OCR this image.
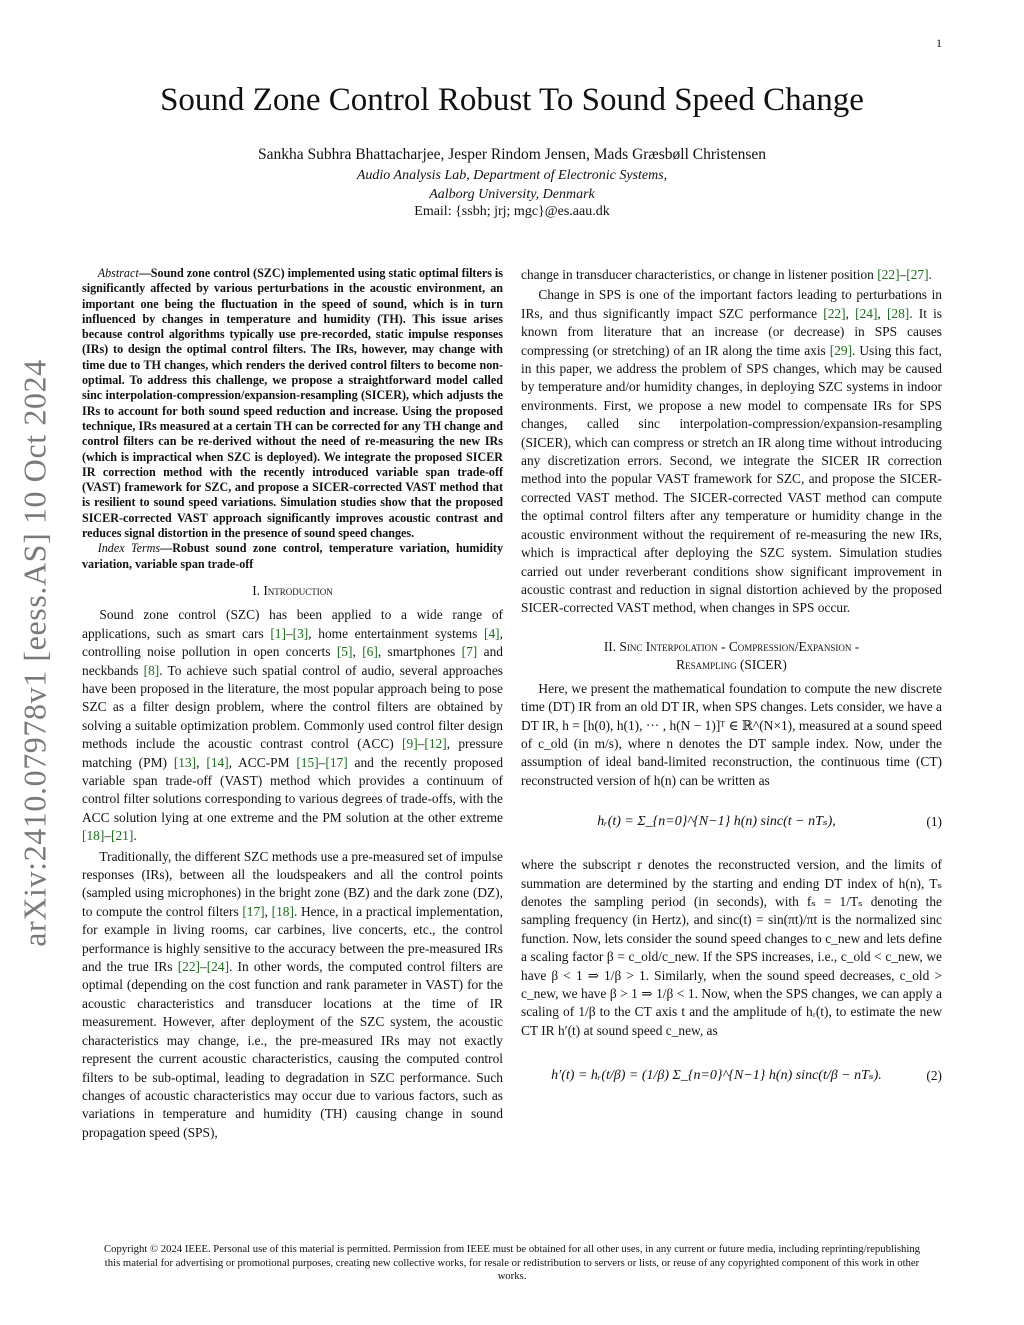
1
arXiv:2410.07978v1 [eess.AS] 10 Oct 2024
Sound Zone Control Robust To Sound Speed Change
Sankha Subhra Bhattacharjee, Jesper Rindom Jensen, Mads Græsbøll Christensen
Audio Analysis Lab, Department of Electronic Systems,
Aalborg University, Denmark
Email: {ssbh; jrj; mgc}@es.aau.dk

Abstract—Sound zone control (SZC) implemented using static optimal filters is significantly affected by various perturbations in the acoustic environment, an important one being the fluctuation in the speed of sound, which is in turn influenced by changes in temperature and humidity (TH). This issue arises because control algorithms typically use pre-recorded, static impulse responses (IRs) to design the optimal control filters. The IRs, however, may change with time due to TH changes, which renders the derived control filters to become non-optimal. To address this challenge, we propose a straightforward model called sinc interpolation-compression/expansion-resampling (SICER), which adjusts the IRs to account for both sound speed reduction and increase. Using the proposed technique, IRs measured at a certain TH can be corrected for any TH change and control filters can be re-derived without the need of re-measuring the new IRs (which is impractical when SZC is deployed). We integrate the proposed SICER IR correction method with the recently introduced variable span trade-off (VAST) framework for SZC, and propose a SICER-corrected VAST method that is resilient to sound speed variations. Simulation studies show that the proposed SICER-corrected VAST approach significantly improves acoustic contrast and reduces signal distortion in the presence of sound speed changes.

Index Terms—Robust sound zone control, temperature variation, humidity variation, variable span trade-off

I. Introduction

Sound zone control (SZC) has been applied to a wide range of applications, such as smart cars [1]–[3], home entertainment systems [4], controlling noise pollution in open concerts [5], [6], smartphones [7] and neckbands [8]. To achieve such spatial control of audio, several approaches have been proposed in the literature, the most popular approach being to pose SZC as a filter design problem, where the control filters are obtained by solving a suitable optimization problem. Commonly used control filter design methods include the acoustic contrast control (ACC) [9]–[12], pressure matching (PM) [13], [14], ACC-PM [15]–[17] and the recently proposed variable span trade-off (VAST) method which provides a continuum of control filter solutions corresponding to various degrees of trade-offs, with the ACC solution lying at one extreme and the PM solution at the other extreme [18]–[21].

Traditionally, the different SZC methods use a pre-measured set of impulse responses (IRs), between all the loudspeakers and all the control points (sampled using microphones) in the bright zone (BZ) and the dark zone (DZ), to compute the control filters [17], [18]. Hence, in a practical implementation, for example in living rooms, car carbines, live concerts, etc., the control performance is highly sensitive to the accuracy between the pre-measured IRs and the true IRs [22]–[24]. In other words, the computed control filters are optimal (depending on the cost function and rank parameter in VAST) for the acoustic characteristics and transducer locations at the time of IR measurement. However, after deployment of the SZC system, the acoustic characteristics may change, i.e., the pre-measured IRs may not exactly represent the current acoustic characteristics, causing the computed control filters to be sub-optimal, leading to degradation in SZC performance. Such changes of acoustic characteristics may occur due to various factors, such as variations in temperature and humidity (TH) causing change in sound propagation speed (SPS),

change in transducer characteristics, or change in listener position [22]–[27].

Change in SPS is one of the important factors leading to perturbations in IRs, and thus significantly impact SZC performance [22], [24], [28]. It is known from literature that an increase (or decrease) in SPS causes compressing (or stretching) of an IR along the time axis [29]. Using this fact, in this paper, we address the problem of SPS changes, which may be caused by temperature and/or humidity changes, in deploying SZC systems in indoor environments. First, we propose a new model to compensate IRs for SPS changes, called sinc interpolation-compression/expansion-resampling (SICER), which can compress or stretch an IR along time without introducing any discretization errors. Second, we integrate the SICER IR correction method into the popular VAST framework for SZC, and propose the SICER-corrected VAST method. The SICER-corrected VAST method can compute the optimal control filters after any temperature or humidity change in the acoustic environment without the requirement of re-measuring the new IRs, which is impractical after deploying the SZC system. Simulation studies carried out under reverberant conditions show significant improvement in acoustic contrast and reduction in signal distortion achieved by the proposed SICER-corrected VAST method, when changes in SPS occur.

II. Sinc Interpolation - Compression/Expansion -
Resampling (SICER)

Here, we present the mathematical foundation to compute the new discrete time (DT) IR from an old DT IR, when SPS changes. Lets consider, we have a DT IR, h = [h(0), h(1), ··· , h(N − 1)]ᵀ ∈ ℝ^(N×1), measured at a sound speed of c_old (in m/s), where n denotes the DT sample index. Now, under the assumption of ideal band-limited reconstruction, the continuous time (CT) reconstructed version of h(n) can be written as

hᵣ(t) = Σ_{n=0}^{N−1} h(n) sinc(t − nTₛ),	(1)

where the subscript r denotes the reconstructed version, and the limits of summation are determined by the starting and ending DT index of h(n), Tₛ denotes the sampling period (in seconds), with fₛ = 1/Tₛ denoting the sampling frequency (in Hertz), and sinc(t) = sin(πt)/πt is the normalized sinc function. Now, lets consider the sound speed changes to c_new and lets define a scaling factor β = c_old/c_new. If the SPS increases, i.e., c_old < c_new, we have β < 1 ⇒ 1/β > 1. Similarly, when the sound speed decreases, c_old > c_new, we have β > 1 ⇒ 1/β < 1. Now, when the SPS changes, we can apply a scaling of 1/β to the CT axis t and the amplitude of hᵣ(t), to estimate the new CT IR h′(t) at sound speed c_new, as

h′(t) = hᵣ(t/β) = (1/β) Σ_{n=0}^{N−1} h(n) sinc(t/β − nTₛ).	(2)
Copyright © 2024 IEEE. Personal use of this material is permitted. Permission from IEEE must be obtained for all other uses, in any current or future media, including reprinting/republishing this material for advertising or promotional purposes, creating new collective works, for resale or redistribution to servers or lists, or reuse of any copyrighted component of this work in other works.
